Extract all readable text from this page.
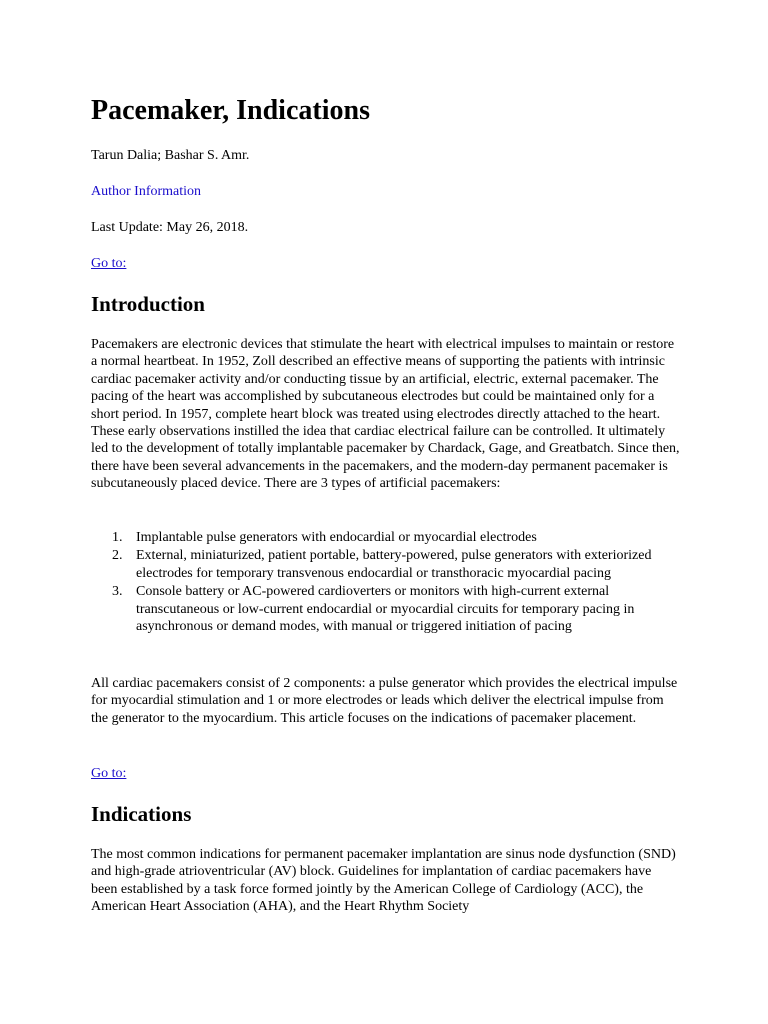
Pacemaker, Indications

Tarun Dalia; Bashar S. Amr.

Author Information

Last Update: May 26, 2018.

Go to:

Introduction

Pacemakers are electronic devices that stimulate the heart with electrical impulses to maintain or restore a normal heartbeat. In 1952, Zoll described an effective means of supporting the patients with intrinsic cardiac pacemaker activity and/or conducting tissue by an artificial, electric, external pacemaker. The pacing of the heart was accomplished by subcutaneous electrodes but could be maintained only for a short period. In 1957, complete heart block was treated using electrodes directly attached to the heart. These early observations instilled the idea that cardiac electrical failure can be controlled. It ultimately led to the development of totally implantable pacemaker by Chardack, Gage, and Greatbatch. Since then, there have been several advancements in the pacemakers, and the modern-day permanent pacemaker is subcutaneously placed device. There are 3 types of artificial pacemakers:

1. Implantable pulse generators with endocardial or myocardial electrodes
2. External, miniaturized, patient portable, battery-powered, pulse generators with exteriorized electrodes for temporary transvenous endocardial or transthoracic myocardial pacing
3. Console battery or AC-powered cardioverters or monitors with high-current external transcutaneous or low-current endocardial or myocardial circuits for temporary pacing in asynchronous or demand modes, with manual or triggered initiation of pacing

All cardiac pacemakers consist of 2 components: a pulse generator which provides the electrical impulse for myocardial stimulation and 1 or more electrodes or leads which deliver the electrical impulse from the generator to the myocardium. This article focuses on the indications of pacemaker placement.

Go to:

Indications

The most common indications for permanent pacemaker implantation are sinus node dysfunction (SND) and high-grade atrioventricular (AV) block. Guidelines for implantation of cardiac pacemakers have been established by a task force formed jointly by the American College of Cardiology (ACC), the American Heart Association (AHA), and the Heart Rhythm Society
